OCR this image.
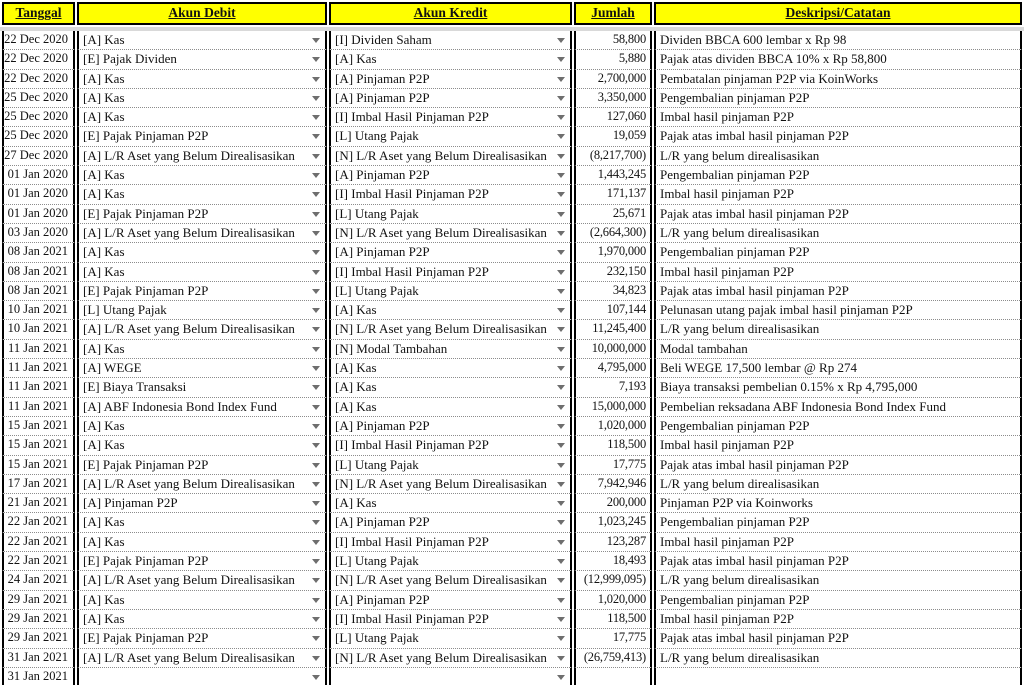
Tanggal	Akun Debit	Akun Kredit	Jumlah	Deskripsi/Catatan
22 Dec 2020	[A] Kas	[I] Dividen Saham	58,800	Dividen BBCA 600 lembar x Rp 98
22 Dec 2020	[E] Pajak Dividen	[A] Kas	5,880	Pajak atas dividen BBCA 10% x Rp 58,800
22 Dec 2020	[A] Kas	[A] Pinjaman P2P	2,700,000	Pembatalan pinjaman P2P via KoinWorks
25 Dec 2020	[A] Kas	[A] Pinjaman P2P	3,350,000	Pengembalian pinjaman P2P
25 Dec 2020	[A] Kas	[I] Imbal Hasil Pinjaman P2P	127,060	Imbal hasil pinjaman P2P
25 Dec 2020	[E] Pajak Pinjaman P2P	[L] Utang Pajak	19,059	Pajak atas imbal hasil pinjaman P2P
27 Dec 2020	[A] L/R Aset yang Belum Direalisasikan	[N] L/R Aset yang Belum Direalisasikan	(8,217,700)	L/R yang belum direalisasikan
01 Jan 2020	[A] Kas	[A] Pinjaman P2P	1,443,245	Pengembalian pinjaman P2P
01 Jan 2020	[A] Kas	[I] Imbal Hasil Pinjaman P2P	171,137	Imbal hasil pinjaman P2P
01 Jan 2020	[E] Pajak Pinjaman P2P	[L] Utang Pajak	25,671	Pajak atas imbal hasil pinjaman P2P
03 Jan 2020	[A] L/R Aset yang Belum Direalisasikan	[N] L/R Aset yang Belum Direalisasikan	(2,664,300)	L/R yang belum direalisasikan
08 Jan 2021	[A] Kas	[A] Pinjaman P2P	1,970,000	Pengembalian pinjaman P2P
08 Jan 2021	[A] Kas	[I] Imbal Hasil Pinjaman P2P	232,150	Imbal hasil pinjaman P2P
08 Jan 2021	[E] Pajak Pinjaman P2P	[L] Utang Pajak	34,823	Pajak atas imbal hasil pinjaman P2P
10 Jan 2021	[L] Utang Pajak	[A] Kas	107,144	Pelunasan utang pajak imbal hasil pinjaman P2P
10 Jan 2021	[A] L/R Aset yang Belum Direalisasikan	[N] L/R Aset yang Belum Direalisasikan	11,245,400	L/R yang belum direalisasikan
11 Jan 2021	[A] Kas	[N] Modal Tambahan	10,000,000	Modal tambahan
11 Jan 2021	[A] WEGE	[A] Kas	4,795,000	Beli WEGE 17,500 lembar @ Rp 274
11 Jan 2021	[E] Biaya Transaksi	[A] Kas	7,193	Biaya transaksi pembelian 0.15% x Rp 4,795,000
11 Jan 2021	[A] ABF Indonesia Bond Index Fund	[A] Kas	15,000,000	Pembelian reksadana ABF Indonesia Bond Index Fund
15 Jan 2021	[A] Kas	[A] Pinjaman P2P	1,020,000	Pengembalian pinjaman P2P
15 Jan 2021	[A] Kas	[I] Imbal Hasil Pinjaman P2P	118,500	Imbal hasil pinjaman P2P
15 Jan 2021	[E] Pajak Pinjaman P2P	[L] Utang Pajak	17,775	Pajak atas imbal hasil pinjaman P2P
17 Jan 2021	[A] L/R Aset yang Belum Direalisasikan	[N] L/R Aset yang Belum Direalisasikan	7,942,946	L/R yang belum direalisasikan
21 Jan 2021	[A] Pinjaman P2P	[A] Kas	200,000	Pinjaman P2P via Koinworks
22 Jan 2021	[A] Kas	[A] Pinjaman P2P	1,023,245	Pengembalian pinjaman P2P
22 Jan 2021	[A] Kas	[I] Imbal Hasil Pinjaman P2P	123,287	Imbal hasil pinjaman P2P
22 Jan 2021	[E] Pajak Pinjaman P2P	[L] Utang Pajak	18,493	Pajak atas imbal hasil pinjaman P2P
24 Jan 2021	[A] L/R Aset yang Belum Direalisasikan	[N] L/R Aset yang Belum Direalisasikan	(12,999,095)	L/R yang belum direalisasikan
29 Jan 2021	[A] Kas	[A] Pinjaman P2P	1,020,000	Pengembalian pinjaman P2P
29 Jan 2021	[A] Kas	[I] Imbal Hasil Pinjaman P2P	118,500	Imbal hasil pinjaman P2P
29 Jan 2021	[E] Pajak Pinjaman P2P	[L] Utang Pajak	17,775	Pajak atas imbal hasil pinjaman P2P
31 Jan 2021	[A] L/R Aset yang Belum Direalisasikan	[N] L/R Aset yang Belum Direalisasikan	(26,759,413)	L/R yang belum direalisasikan
31 Jan 2021
